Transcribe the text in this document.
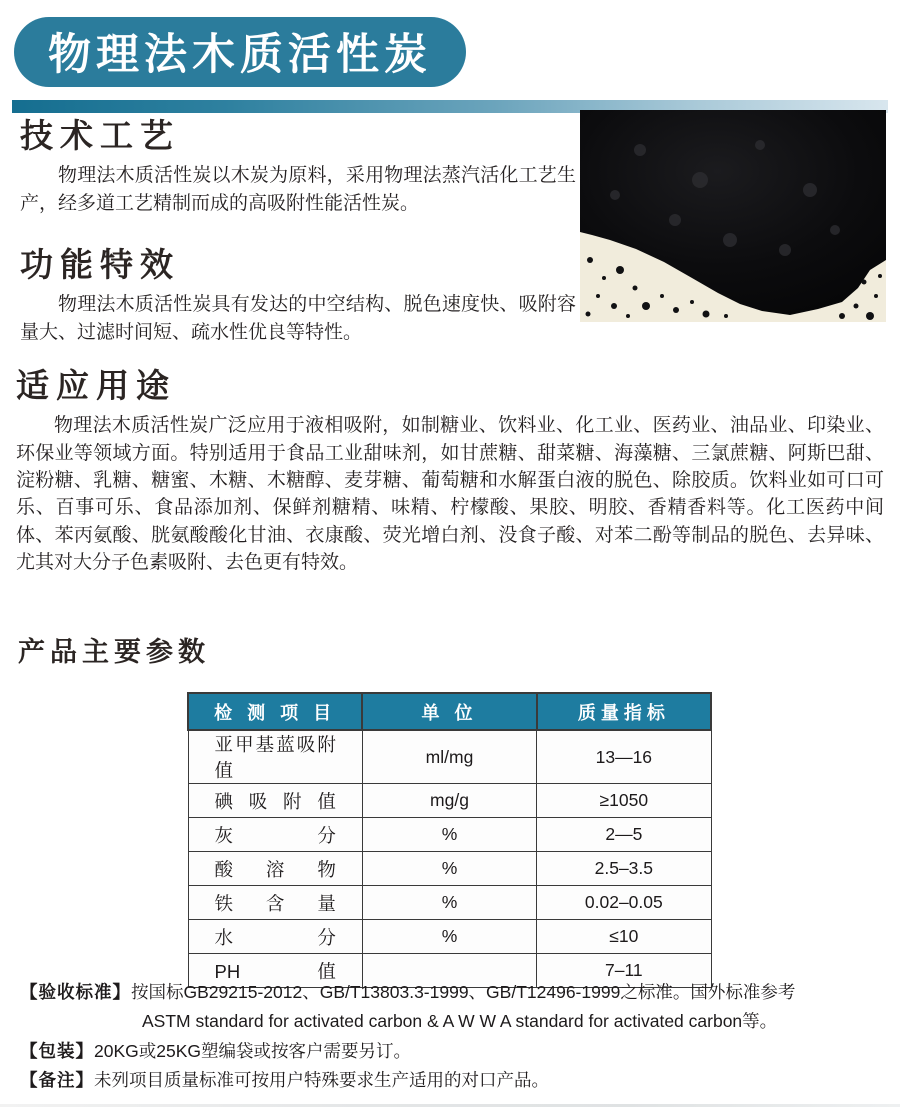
物理法木质活性炭
技术工艺

物理法木质活性炭以木炭为原料，采用物理法蒸汽活化工艺生产，经多道工艺精制而成的高吸附性能活性炭。

功能特效

物理法木质活性炭具有发达的中空结构、脱色速度快、吸附容量大、过滤时间短、疏水性优良等特性。

适应用途

物理法木质活性炭广泛应用于液相吸附，如制糖业、饮料业、化工业、医药业、油品业、印染业、环保业等领域方面。特别适用于食品工业甜味剂，如甘蔗糖、甜菜糖、海藻糖、三氯蔗糖、阿斯巴甜、淀粉糖、乳糖、糖蜜、木糖、木糖醇、麦芽糖、葡萄糖和水解蛋白液的脱色、除胶质。饮料业如可口可乐、百事可乐、食品添加剂、保鲜剂糖精、味精、柠檬酸、果胶、明胶、香精香料等。化工医药中间体、苯丙氨酸、胱氨酸酸化甘油、衣康酸、荧光增白剂、没食子酸、对苯二酚等制品的脱色、去异味、尤其对大分子色素吸附、去色更有特效。

产品主要参数
检 测 项 目	单 位	质量指标
亚甲基蓝吸附值	ml/mg	13—16
碘吸附值	mg/g	≥1050
灰分	%	2—5
酸溶物	%	2.5–3.5
铁含量	%	0.02–0.05
水分	%	≤10
PH值		7–11
【验收标准】按国标GB29215-2012、GB/T13803.3-1999、GB/T12496-1999之标准。国外标准参考
ASTM standard for activated carbon & A W W A standard for activated carbon等。
【包装】20KG或25KG塑编袋或按客户需要另订。
【备注】未列项目质量标准可按用户特殊要求生产适用的对口产品。
